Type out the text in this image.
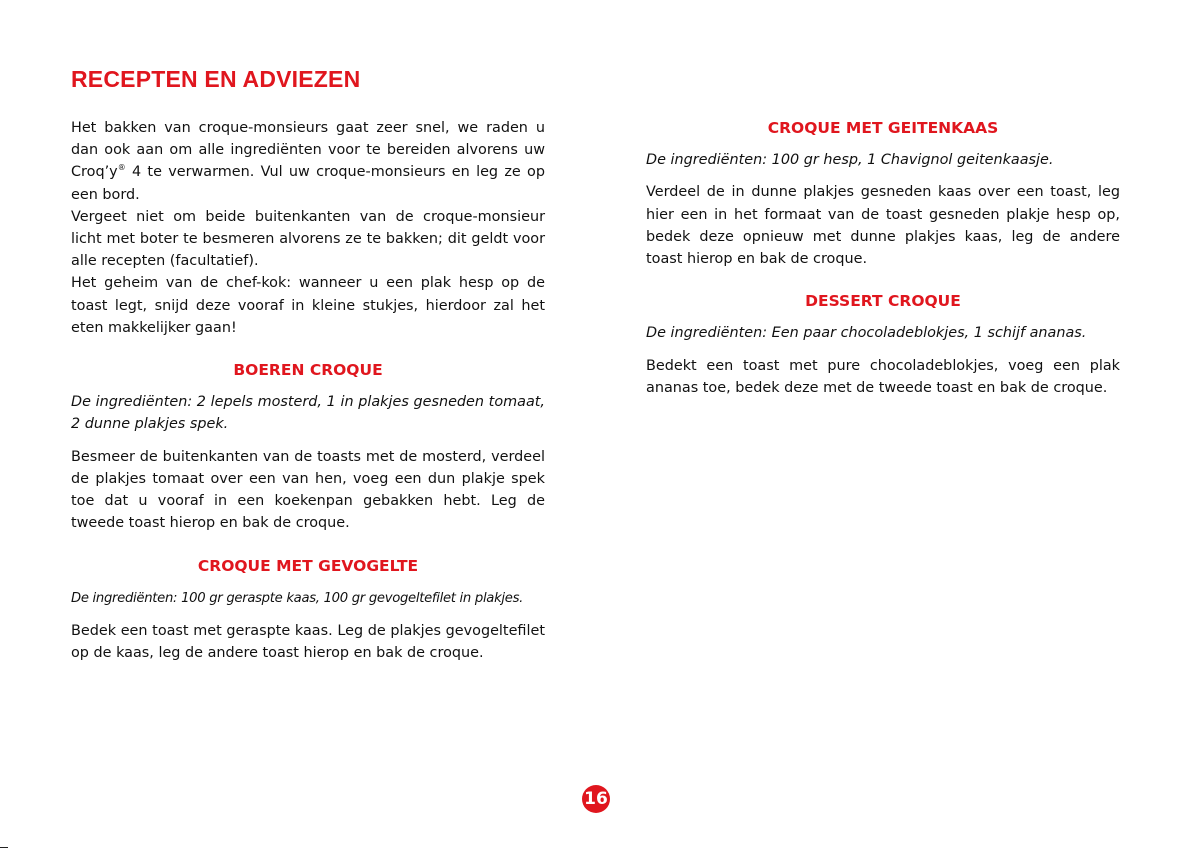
RECEPTEN EN ADVIEZEN

Het bakken van croque-monsieurs gaat zeer snel, we raden u dan ook aan om alle ingrediënten voor te bereiden alvorens uw Croq’y® 4 te verwarmen. Vul uw croque-monsieurs en leg ze op een bord.

Vergeet niet om beide buitenkanten van de croque-monsieur licht met boter te besmeren alvorens ze te bakken; dit geldt voor alle recepten (facultatief).

Het geheim van de chef-kok: wanneer u een plak hesp op de toast legt, snijd deze vooraf in kleine stukjes, hierdoor zal het eten makkelijker gaan!

BOEREN CROQUE

De ingrediënten: 2 lepels mosterd, 1 in plakjes gesneden tomaat, 2 dunne plakjes spek.

Besmeer de buitenkanten van de toasts met de mosterd, verdeel de plakjes tomaat over een van hen, voeg een dun plakje spek toe dat u vooraf in een koekenpan gebakken hebt. Leg de tweede toast hierop en bak de croque.

CROQUE MET GEVOGELTE

De ingrediënten: 100 gr geraspte kaas, 100 gr gevogeltefilet in plakjes.

Bedek een toast met geraspte kaas. Leg de plakjes gevogeltefilet op de kaas, leg de andere toast hierop en bak de croque.

CROQUE MET GEITENKAAS

De ingrediënten: 100 gr hesp, 1 Chavignol geitenkaasje.

Verdeel de in dunne plakjes gesneden kaas over een toast, leg hier een in het formaat van de toast gesneden plakje hesp op, bedek deze opnieuw met dunne plakjes kaas, leg de andere toast hierop en bak de croque.

DESSERT CROQUE

De ingrediënten: Een paar chocoladeblokjes, 1 schijf ananas.

Bedekt een toast met pure chocoladeblokjes, voeg een plak ananas toe, bedek deze met de tweede toast en bak de croque.

16
